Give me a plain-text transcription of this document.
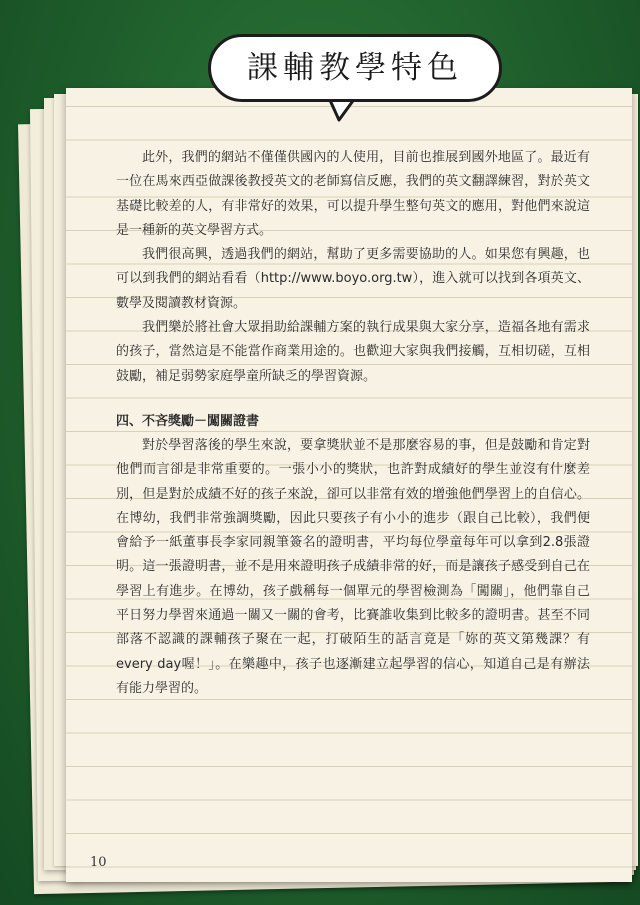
此外，我們的網站不僅僅供國內的人使用，目前也推展到國外地區了。最近有一位在馬來西亞做課後教授英文的老師寫信反應，我們的英文翻譯練習，對於英文基礎比較差的人，有非常好的效果，可以提升學生整句英文的應用，對他們來說這是一種新的英文學習方式。

我們很高興，透過我們的網站，幫助了更多需要協助的人。如果您有興趣，也可以到我們的網站看看（http://www.boyo.org.tw），進入就可以找到各項英文、數學及閱讀教材資源。

我們樂於將社會大眾捐助給課輔方案的執行成果與大家分享，造福各地有需求的孩子，當然這是不能當作商業用途的。也歡迎大家與我們接觸，互相切磋，互相鼓勵，補足弱勢家庭學童所缺乏的學習資源。

四、不吝獎勵－闖關證書

對於學習落後的學生來說，要拿獎狀並不是那麼容易的事，但是鼓勵和肯定對他們而言卻是非常重要的。一張小小的獎狀，也許對成績好的學生並沒有什麼差別，但是對於成績不好的孩子來說，卻可以非常有效的增強他們學習上的自信心。在博幼，我們非常強調獎勵，因此只要孩子有小小的進步（跟自己比較），我們便會給予一紙董事長李家同親筆簽名的證明書，平均每位學童每年可以拿到2.8張證明。這一張證明書，並不是用來證明孩子成績非常的好，而是讓孩子感受到自己在學習上有進步。在博幼，孩子戲稱每一個單元的學習檢測為「闖關」，他們靠自己平日努力學習來通過一關又一關的會考，比賽誰收集到比較多的證明書。甚至不同部落不認識的課輔孩子聚在一起，打破陌生的話言竟是「妳的英文第幾課？有every day喔！」。在樂趣中，孩子也逐漸建立起學習的信心，知道自己是有辦法有能力學習的。

10
課輔教學特色
